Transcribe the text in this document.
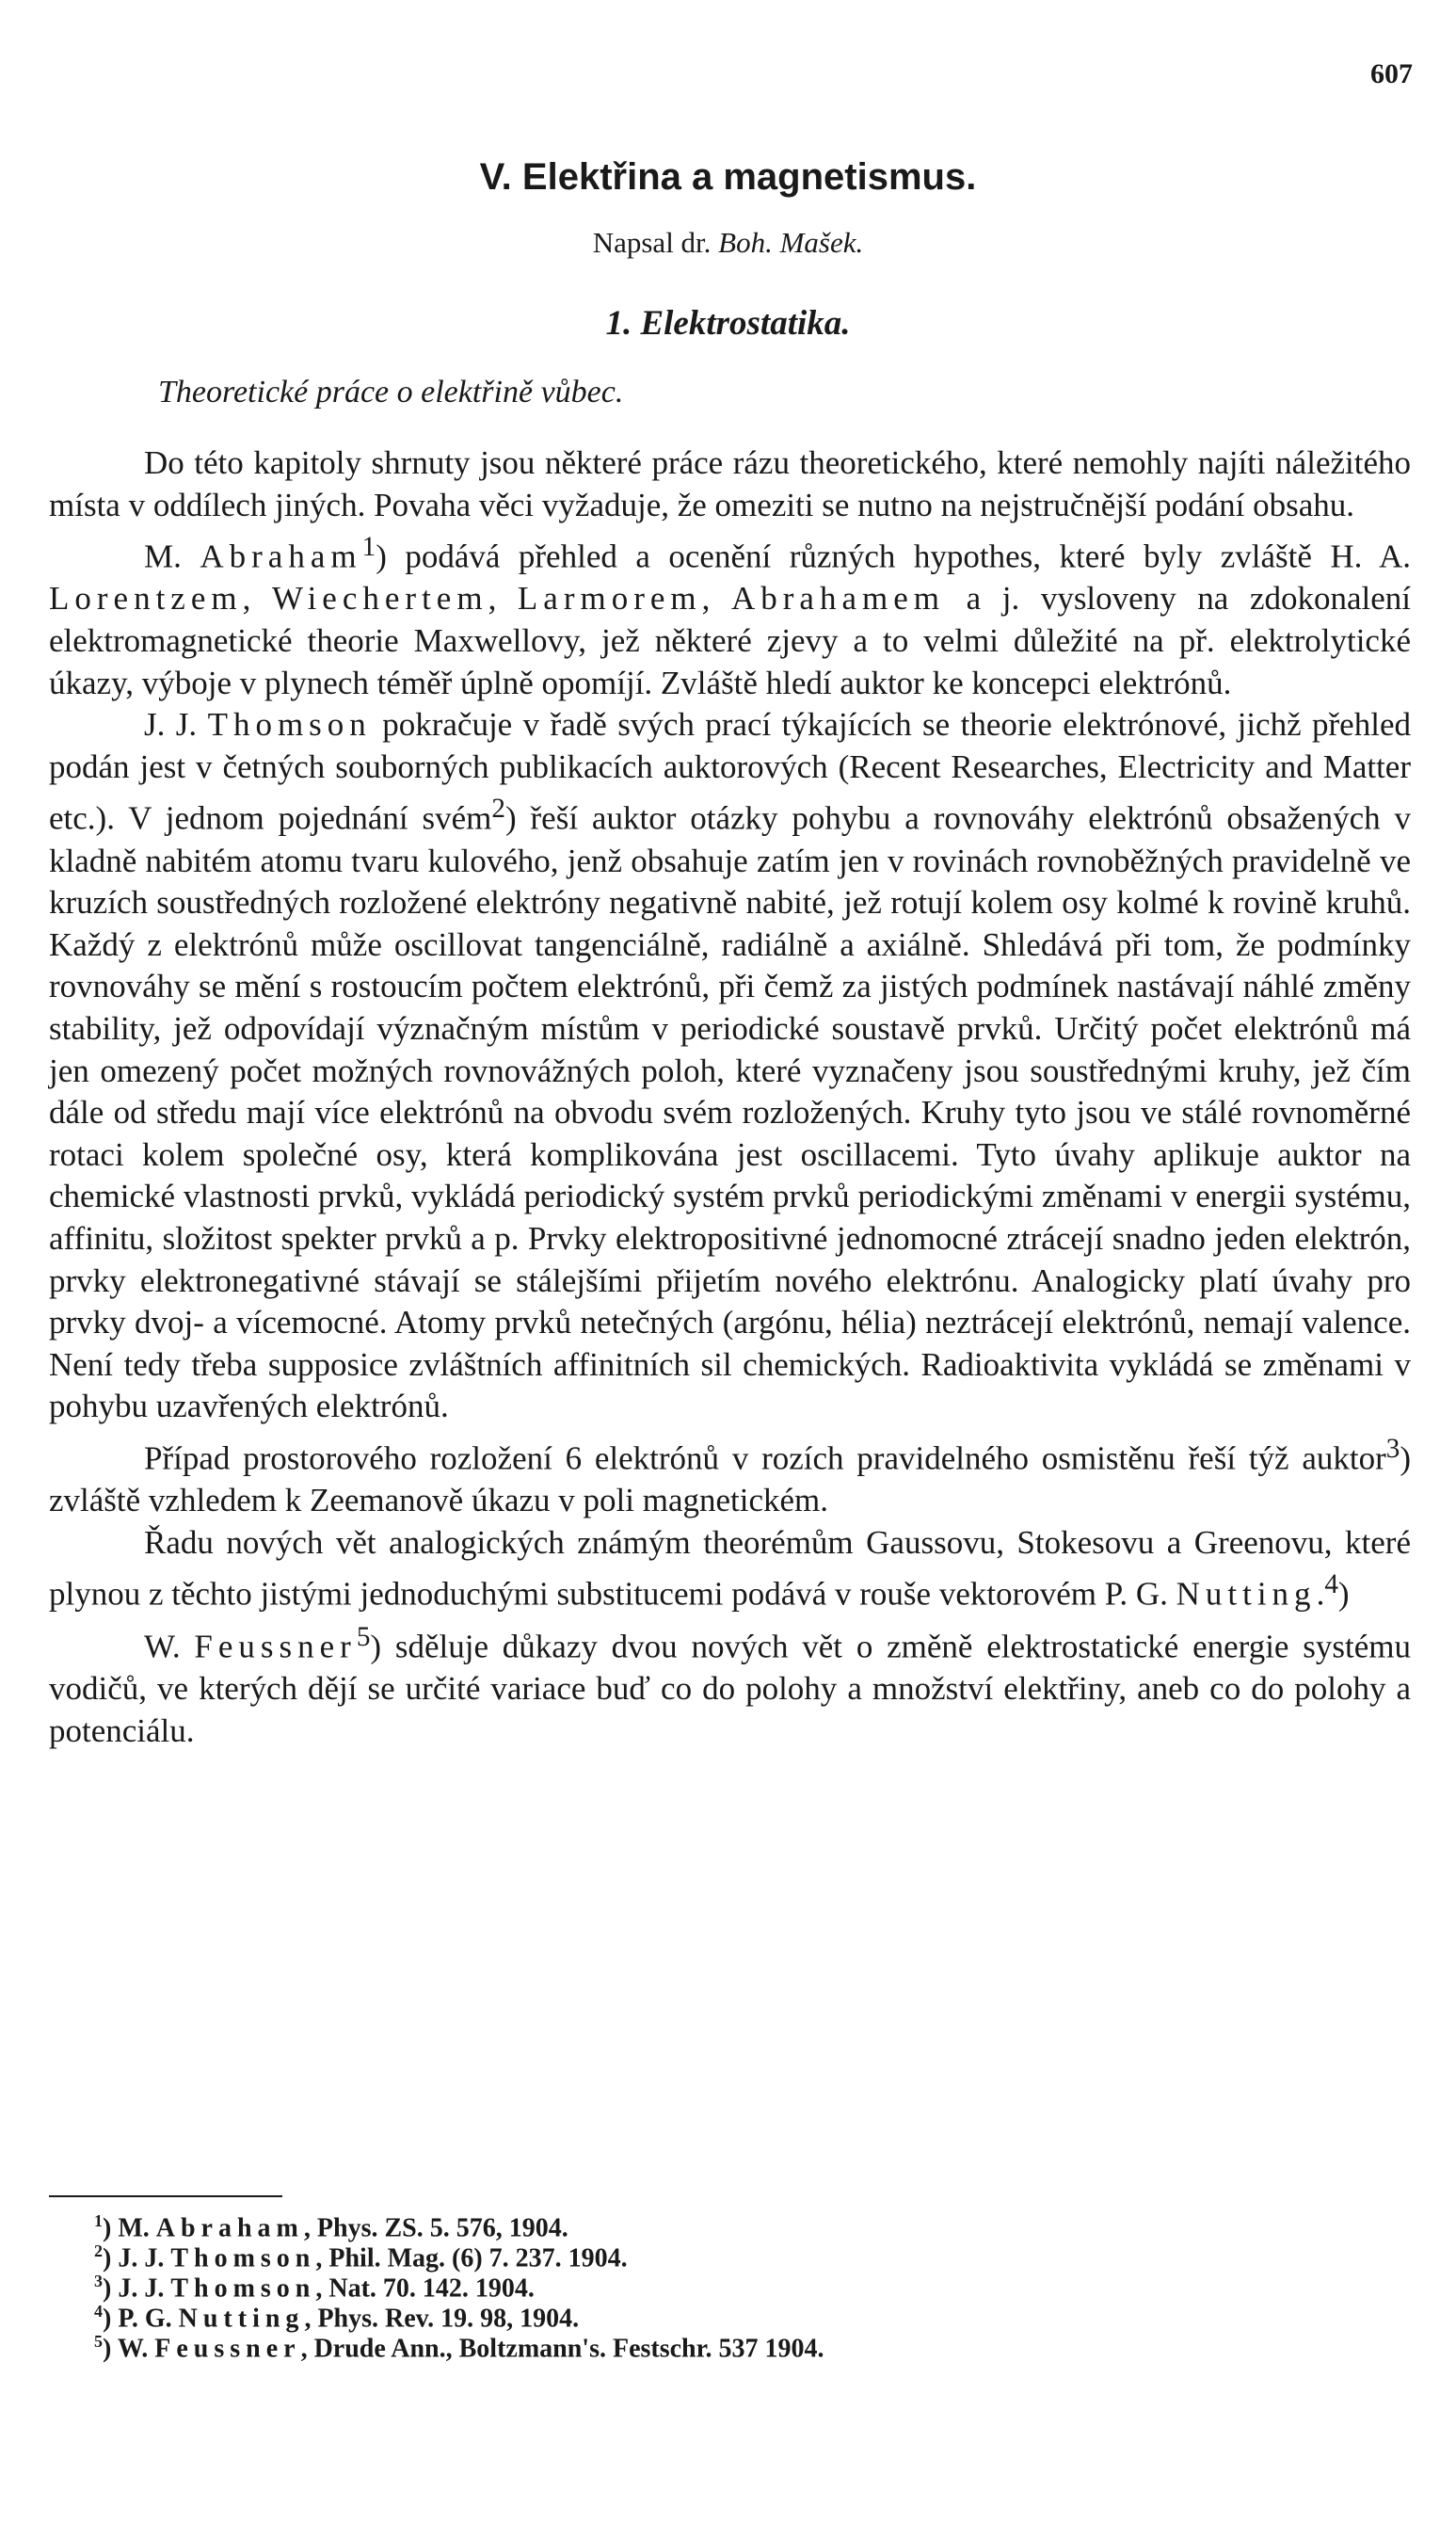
607
V. Elektřina a magnetismus.
Napsal dr. Boh. Mašek.
1. Elektrostatika.
Theoretické práce o elektřině vůbec.

Do této kapitoly shrnuty jsou některé práce rázu theoretického, které nemohly najíti náležitého místa v oddílech jiných. Povaha věci vyžaduje, že omeziti se nutno na nejstručnější podání obsahu.

M. Abraham$^1$) podává přehled a ocenění různých hypothes, které byly zvláště H. A. Lorentzem, Wiechertem, Larmorem, Abrahamem a j. vysloveny na zdokonalení elektromagnetické theorie Maxwellovy, jež některé zjevy a to velmi důležité na př. elektrolytické úkazy, výboje v plynech téměř úplně opomíjí. Zvláště hledí auktor ke koncepci elektrónů.

J. J. Thomson pokračuje v řadě svých prací týkajících se theorie elektrónové, jichž přehled podán jest v četných souborných publikacích auktorových (Recent Researches, Electricity and Matter etc.). V jednom pojednání svém$^2$) řeší auktor otázky pohybu a rovnováhy elektrónů obsažených v kladně nabitém atomu tvaru kulového, jenž obsahuje zatím jen v rovinách rovnoběžných pravidelně ve kruzích soustředných rozložené elektróny negativně nabité, jež rotují kolem osy kolmé k rovině kruhů. Každý z elektrónů může oscillovat tangenciálně, radiálně a axiálně. Shledává při tom, že podmínky rovnováhy se mění s rostoucím počtem elektrónů, při čemž za jistých podmínek nastávají náhlé změny stability, jež odpovídají význačným místům v periodické soustavě prvků. Určitý počet elektrónů má jen omezený počet možných rovnovážných poloh, které vyznačeny jsou soustřednými kruhy, jež čím dále od středu mají více elektrónů na obvodu svém rozložených. Kruhy tyto jsou ve stálé rovnoměrné rotaci kolem společné osy, která komplikována jest oscillacemi. Tyto úvahy aplikuje auktor na chemické vlastnosti prvků, vykládá periodický systém prvků periodickými změnami v energii systému, affinitu, složitost spekter prvků a p. Prvky elektropositivné jednomocné ztrácejí snadno jeden elektrón, prvky elektronegativné stávají se stálejšími přijetím nového elektrónu. Analogicky platí úvahy pro prvky dvoj- a vícemocné. Atomy prvků netečných (argónu, hélia) neztrácejí elektrónů, nemají valence. Není tedy třeba supposice zvláštních affinitních sil chemických. Radioaktivita vykládá se změnami v pohybu uzavřených elektrónů.

Případ prostorového rozložení 6 elektrónů v rozích pravidelného osmistěnu řeší týž auktor$^3$) zvláště vzhledem k Zeemanově úkazu v poli magnetickém.

Řadu nových vět analogických známým theorémům Gaussovu, Stokesovu a Greenovu, které plynou z těchto jistými jednoduchými substitucemi podává v rouše vektorovém P. G. Nutting.$^4$)

W. Feussner$^5$) sděluje důkazy dvou nových vět o změně elektrostatické energie systému vodičů, ve kterých dějí se určité variace buď co do polohy a množství elektřiny, aneb co do polohy a potenciálu.

$^1$) M. Abraham, Phys. ZS. 5. 576, 1904.
$^2$) J. J. Thomson, Phil. Mag. (6) 7. 237. 1904.
$^3$) J. J. Thomson, Nat. 70. 142. 1904.
$^4$) P. G. Nutting, Phys. Rev. 19. 98, 1904.
$^5$) W. Feussner, Drude Ann., Boltzmann's. Festschr. 537 1904.
